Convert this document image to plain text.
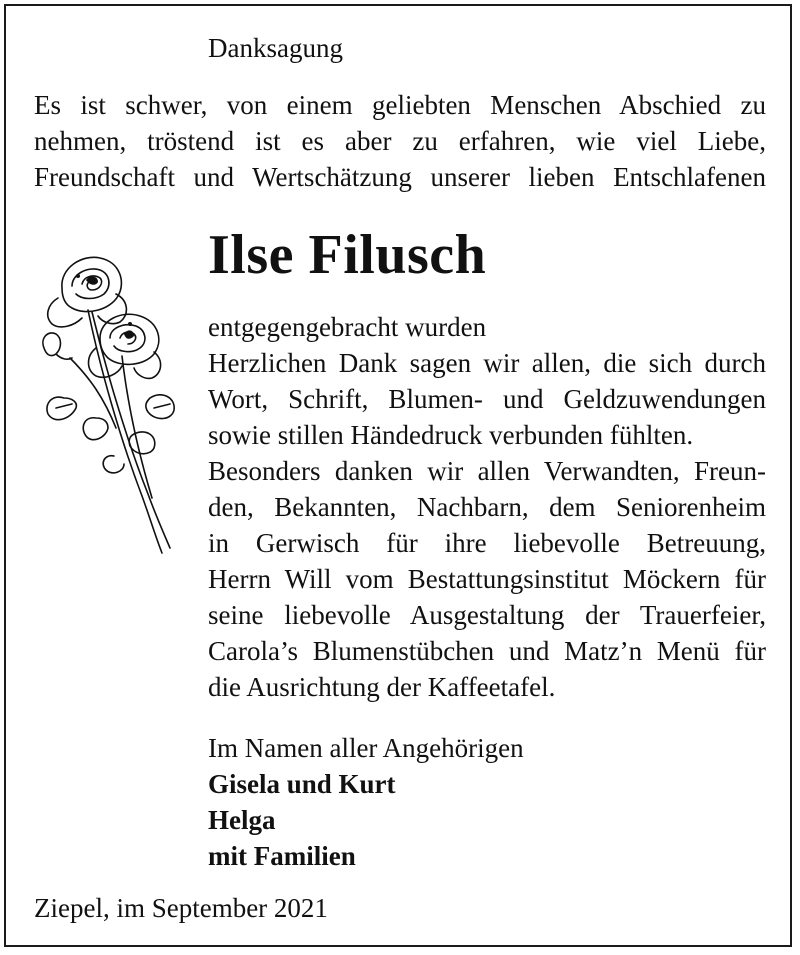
Danksagung
Es ist schwer, von einem geliebten Menschen Abschied zu
nehmen, tröstend ist es aber zu erfahren, wie viel Liebe,
Freundschaft und Wertschätzung unserer lieben Entschlafenen
Ilse Filusch
entgegengebracht wurden
Herzlichen Dank sagen wir allen, die sich durch
Wort, Schrift, Blumen- und Geldzuwendungen
sowie stillen Händedruck verbunden fühlten.
Besonders danken wir allen Verwandten, Freun-
den, Bekannten, Nachbarn, dem Seniorenheim
in Gerwisch für ihre liebevolle Betreuung,
Herrn Will vom Bestattungsinstitut Möckern für
seine liebevolle Ausgestaltung der Trauerfeier,
Carola’s Blumenstübchen und Matz’n Menü für
die Ausrichtung der Kaffeetafel.
Im Namen aller Angehörigen
Gisela und Kurt
Helga
mit Familien
Ziepel, im September 2021
